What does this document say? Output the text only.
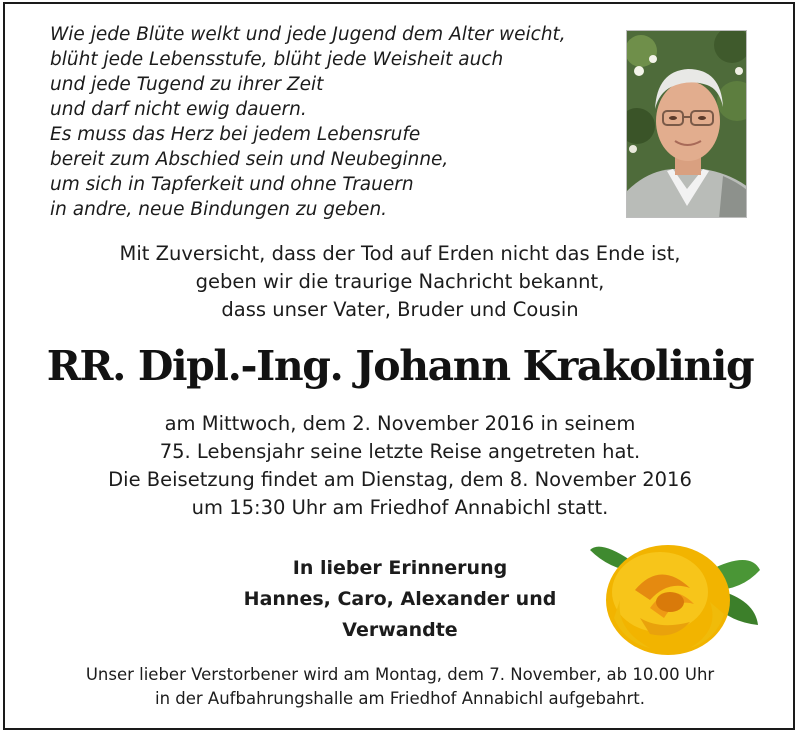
Wie jede Blüte welkt und jede Jugend dem Alter weicht,
blüht jede Lebensstufe, blüht jede Weisheit auch
und jede Tugend zu ihrer Zeit
und darf nicht ewig dauern.
Es muss das Herz bei jedem Lebensrufe
bereit zum Abschied sein und Neubeginne,
um sich in Tapferkeit und ohne Trauern
in andre, neue Bindungen zu geben.
Mit Zuversicht, dass der Tod auf Erden nicht das Ende ist,
geben wir die traurige Nachricht bekannt,
dass unser Vater, Bruder und Cousin
RR. Dipl.-Ing. Johann Krakolinig
am Mittwoch, dem 2. November 2016 in seinem
75. Lebensjahr seine letzte Reise angetreten hat.
Die Beisetzung findet am Dienstag, dem 8. November 2016
um 15:30 Uhr am Friedhof Annabichl statt.
In lieber Erinnerung
Hannes, Caro, Alexander und
Verwandte
Unser lieber Verstorbener wird am Montag, dem 7. November, ab 10.00 Uhr
in der Aufbahrungshalle am Friedhof Annabichl aufgebahrt.
